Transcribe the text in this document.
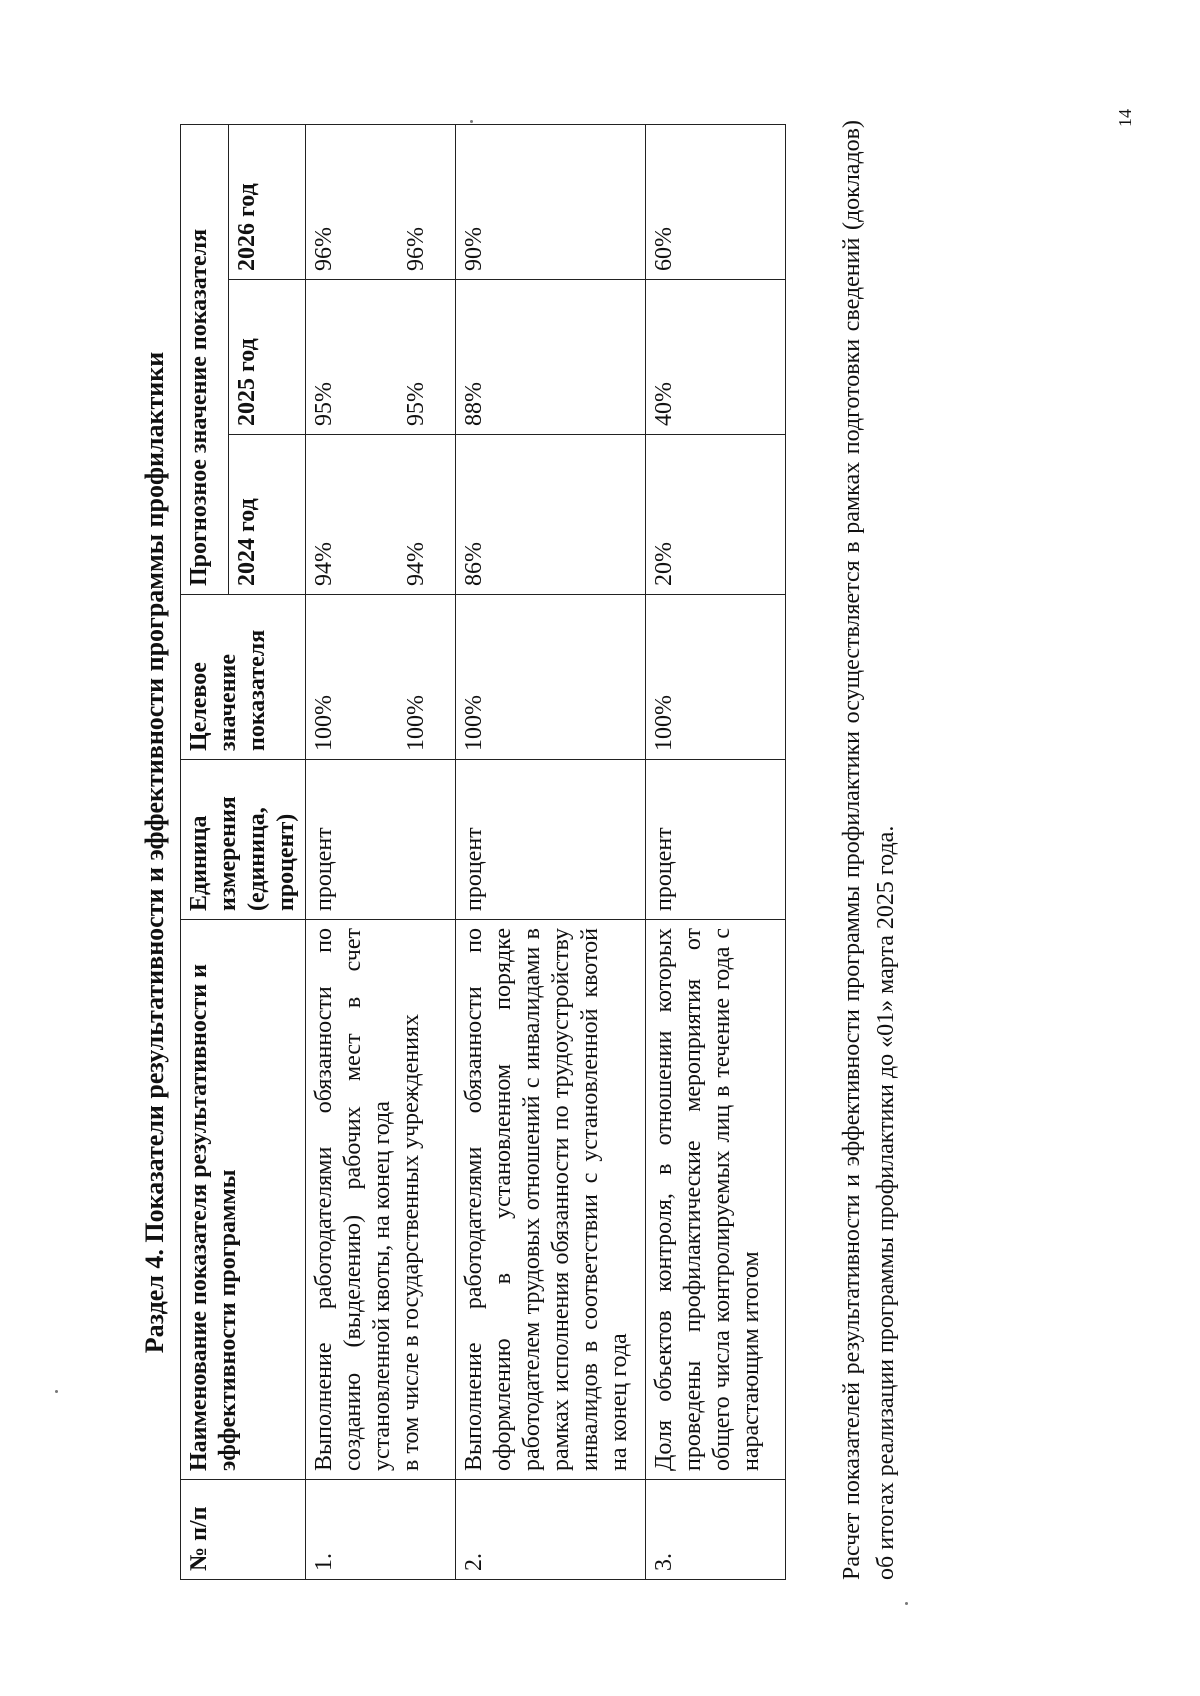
14
Раздел 4. Показатели результативности и эффективности программы профилактики
№ п/п	Наименование показателя результативности и эффективности программы	Единица измерения (единица, процент)	Целевое значение показателя	Прогнозное значение показателя		
				2024 год	2025 год	2026 год
1.	Выполнение работодателями обязанности по созданию (выделению) рабочих мест в счет установленной квоты, на конец года в том числе в государственных учреждениях	процент	100% 100%	94% 94%	95% 95%	96% 96%

2.	Выполнение работодателями обязанности по оформлению в установленном порядке работодателем трудовых отношений с инвалидами в рамках исполнения обязанности по трудоустройству инвалидов в соответствии с установленной квотой на конец года	процент	100%	86%	88%	90%
3.	Доля объектов контроля, в отношении которых проведены профилактические мероприятия от общего числа контролируемых лиц в течение года с нарастающим итогом	процент	100%	20%	40%	60%	Расчет показателей результативности и эффективности программы профилактики осуществляется в рамках подготовки сведений (докладов) об итогах реализации программы профилактики до «01» марта 2025 года.
